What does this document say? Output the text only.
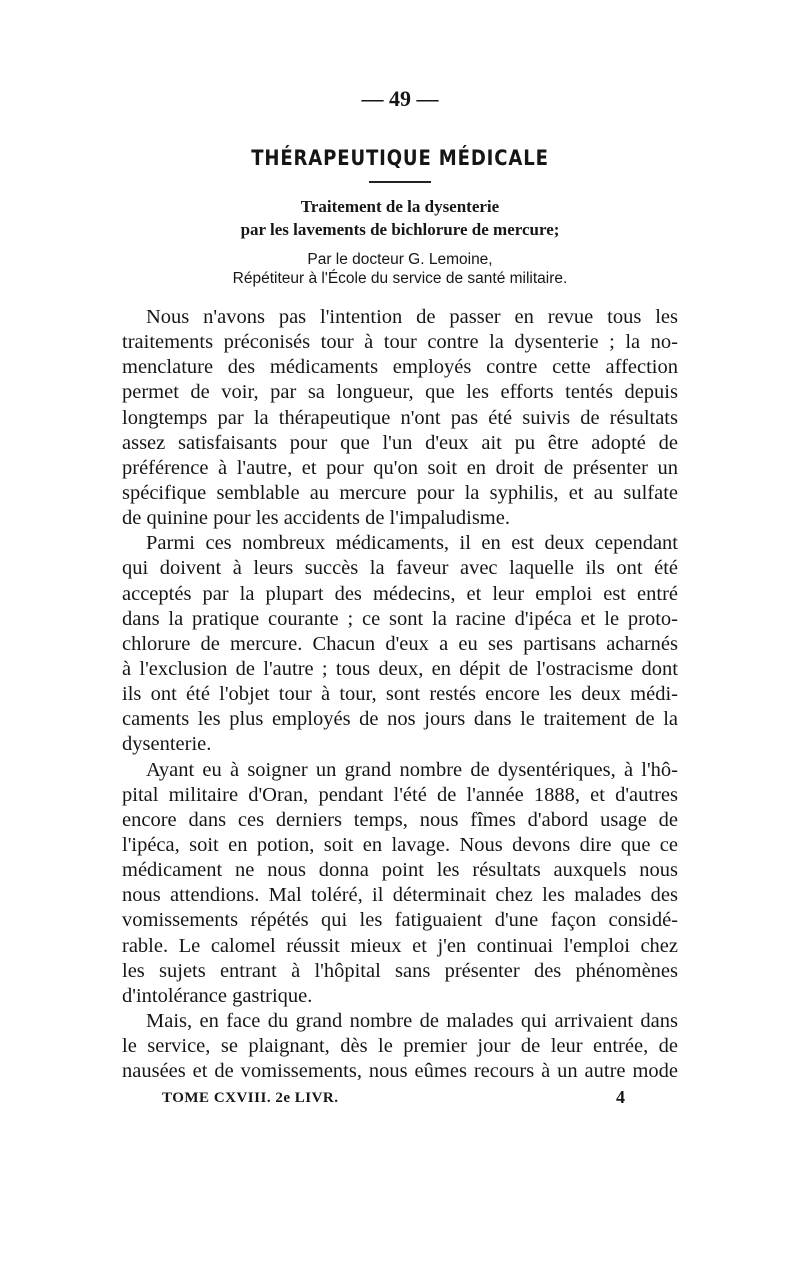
— 49 —
THÉRAPEUTIQUE MÉDICALE
Traitement de la dysenterie
par les lavements de bichlorure de mercure;
Par le docteur G. Lemoine,
Répétiteur à l'École du service de santé militaire.
Nous n'avons pas l'intention de passer en revue tous les
traitements préconisés tour à tour contre la dysenterie ; la no-
menclature des médicaments employés contre cette affection
permet de voir, par sa longueur, que les efforts tentés depuis
longtemps par la thérapeutique n'ont pas été suivis de résultats
assez satisfaisants pour que l'un d'eux ait pu être adopté de
préférence à l'autre, et pour qu'on soit en droit de présenter un
spécifique semblable au mercure pour la syphilis, et au sulfate
de quinine pour les accidents de l'impaludisme.
Parmi ces nombreux médicaments, il en est deux cependant
qui doivent à leurs succès la faveur avec laquelle ils ont été
acceptés par la plupart des médecins, et leur emploi est entré
dans la pratique courante ; ce sont la racine d'ipéca et le proto-
chlorure de mercure. Chacun d'eux a eu ses partisans acharnés
à l'exclusion de l'autre ; tous deux, en dépit de l'ostracisme dont
ils ont été l'objet tour à tour, sont restés encore les deux médi-
caments les plus employés de nos jours dans le traitement de la
dysenterie.
Ayant eu à soigner un grand nombre de dysentériques, à l'hô-
pital militaire d'Oran, pendant l'été de l'année 1888, et d'autres
encore dans ces derniers temps, nous fîmes d'abord usage de
l'ipéca, soit en potion, soit en lavage. Nous devons dire que ce
médicament ne nous donna point les résultats auxquels nous
nous attendions. Mal toléré, il déterminait chez les malades des
vomissements répétés qui les fatiguaient d'une façon considé-
rable. Le calomel réussit mieux et j'en continuai l'emploi chez
les sujets entrant à l'hôpital sans présenter des phénomènes
d'intolérance gastrique.
Mais, en face du grand nombre de malades qui arrivaient dans
le service, se plaignant, dès le premier jour de leur entrée, de
nausées et de vomissements, nous eûmes recours à un autre mode
TOME CXVIII. 2e LIVR.	4
